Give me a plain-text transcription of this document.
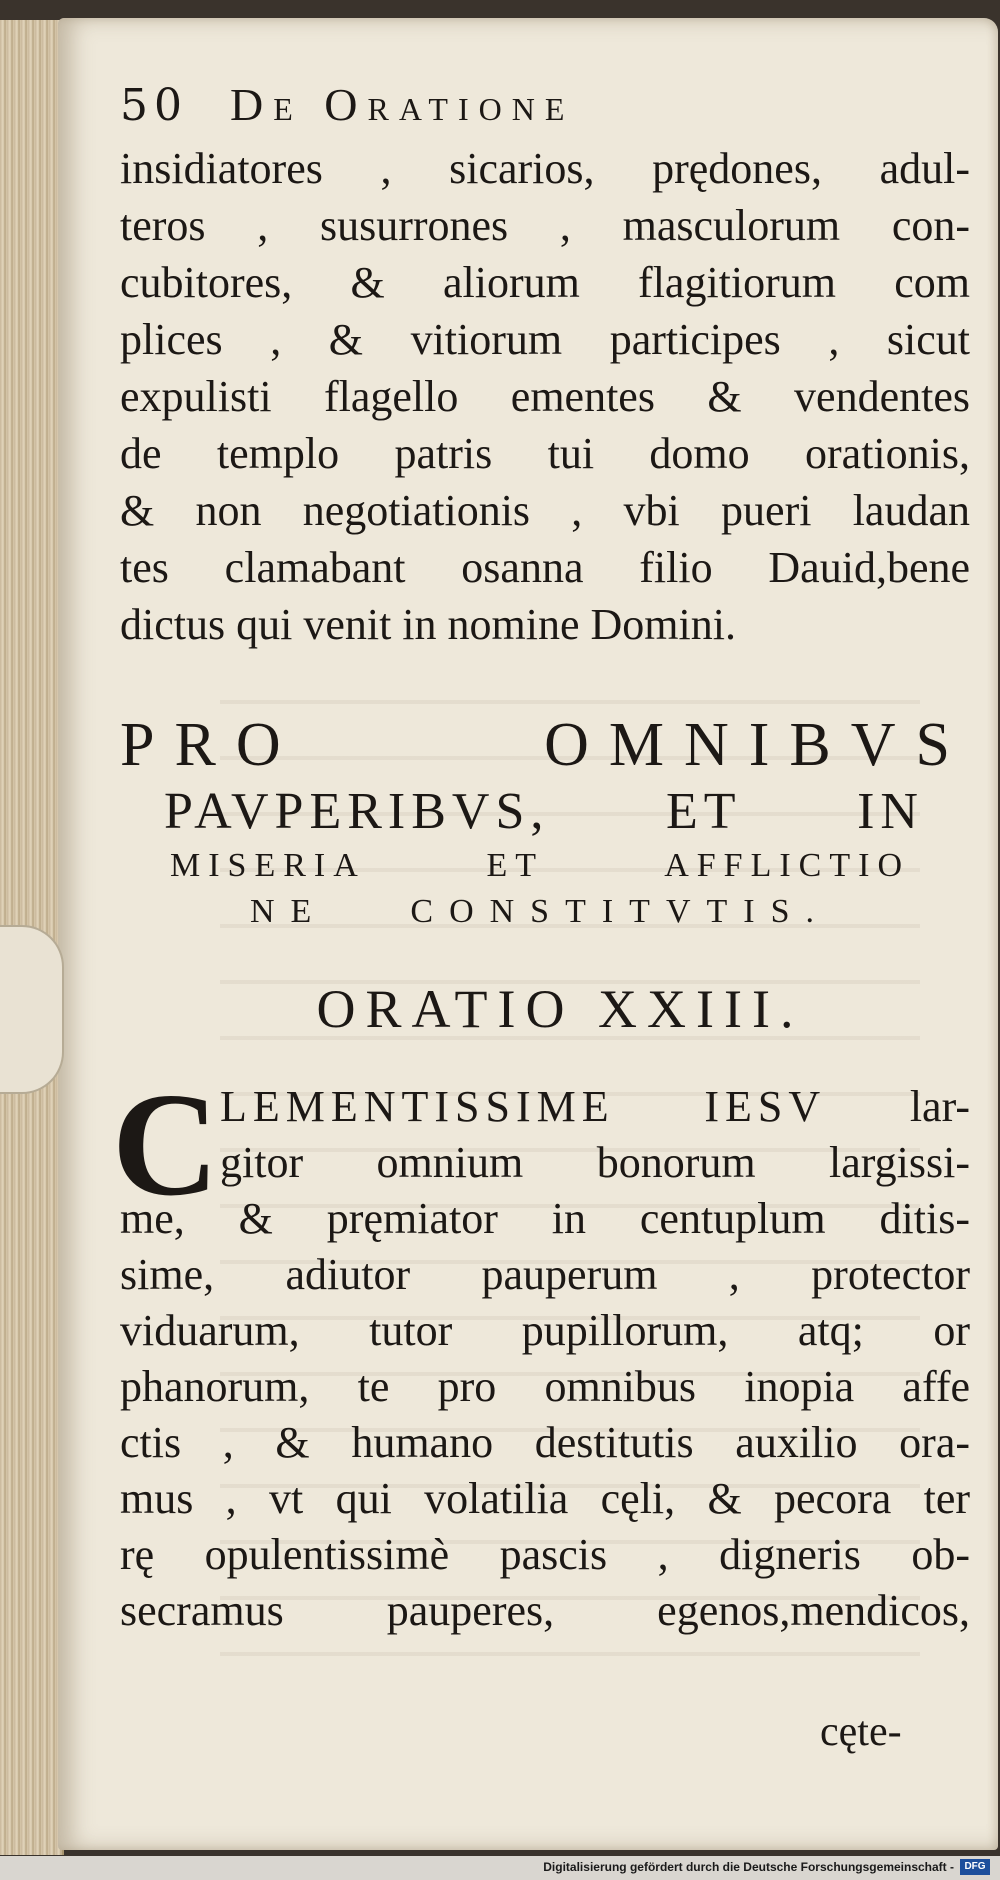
50 De Oratione
insidiatores , sicarios, prędones, adul-
teros , susurrones , masculorum con-
cubitores, & aliorum flagitiorum com
plices , & vitiorum participes , sicut
expulisti flagello ementes & vendentes
de templo patris tui domo orationis,
& non negotiationis , vbi pueri laudan
tes clamabant osanna filio Dauid,bene
dictus qui venit in nomine Domini.
PRO OMNIBVS
PAVPERIBVS, ET IN
MISERIA ET AFFLICTIO
NE CONSTITVTIS.
ORATIO XXIII.
C LEMENTISSIME IESV lar-
gitor omnium bonorum largissi-
me, & pręmiator in centuplum ditis-
sime, adiutor pauperum , protector
viduarum, tutor pupillorum, atq; or
phanorum, te pro omnibus inopia affe
ctis , & humano destitutis auxilio ora-
mus , vt qui volatilia cęli, & pecora ter
rę opulentissimè pascis , digneris ob-
secramus pauperes, egenos,mendicos,
cęte-
Digitalisierung gefördert durch die Deutsche Forschungsgemeinschaft -	DFG
